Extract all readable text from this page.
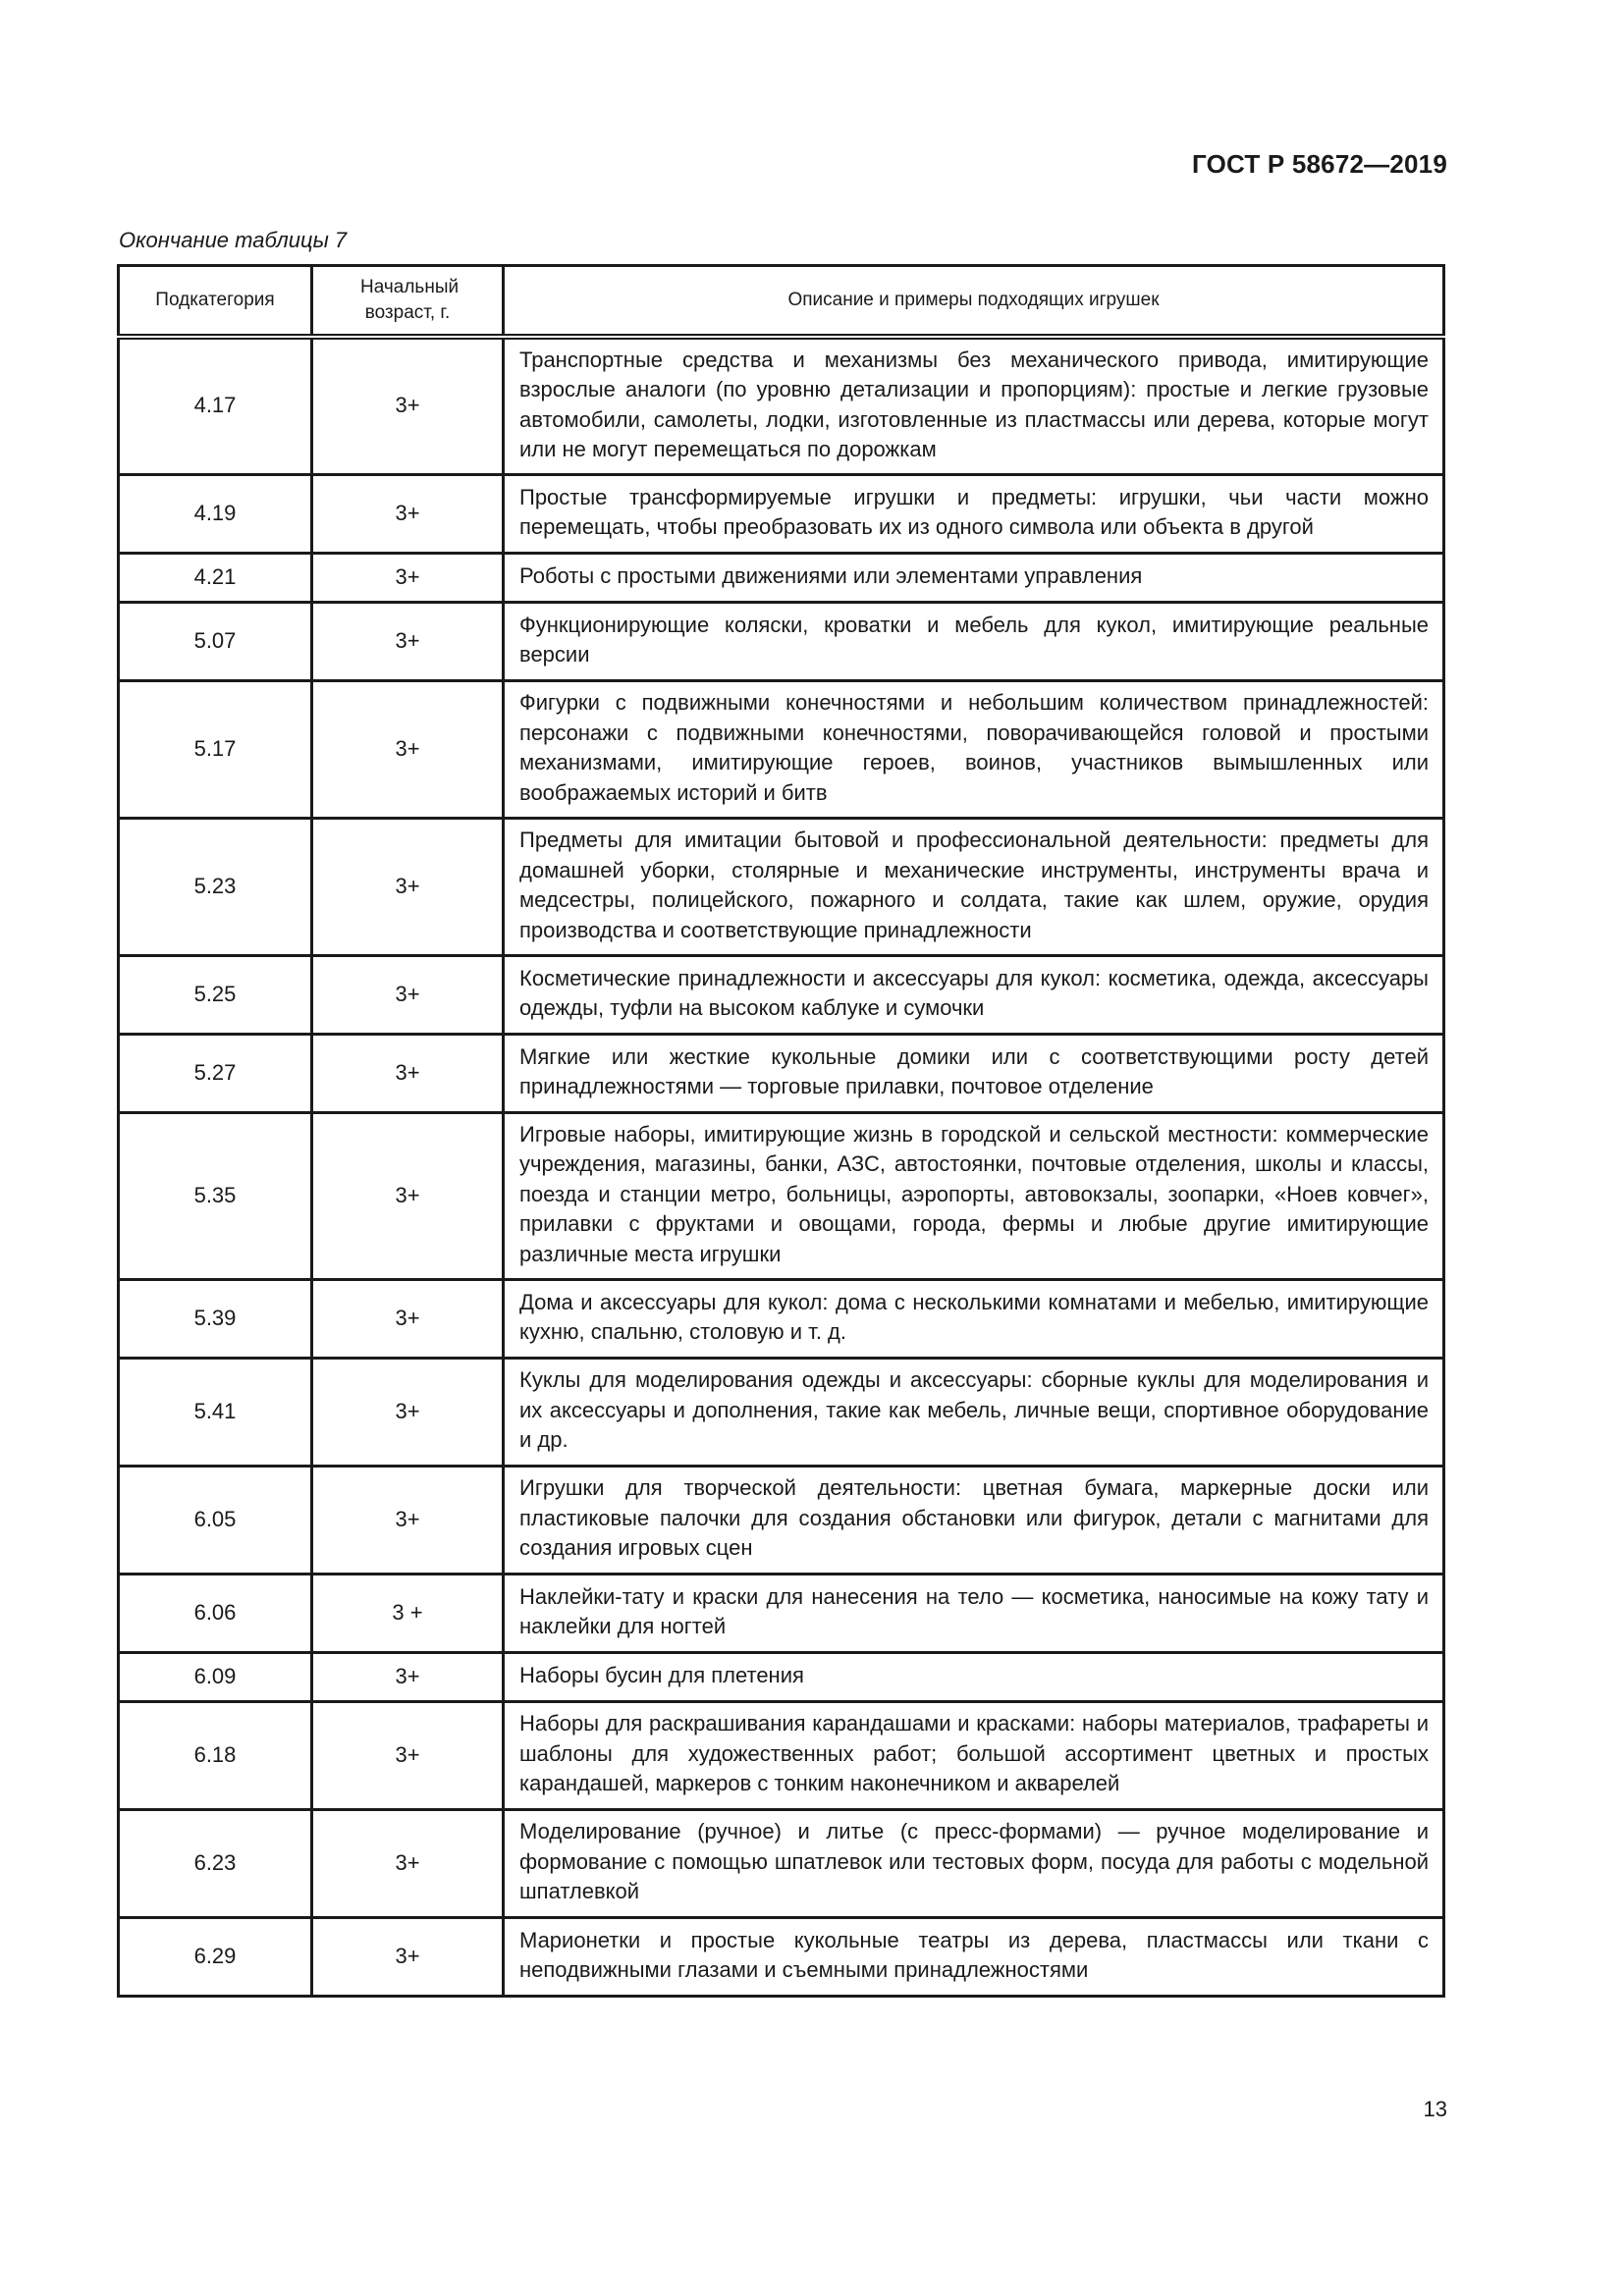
ГОСТ Р 58672—2019
Окончание таблицы 7
Подкатегория	Начальный возраст, г.	Описание и примеры подходящих игрушек
4.17	3+	Транспортные средства и механизмы без механического привода, имитирующие взрослые аналоги (по уровню детализации и пропорциям): простые и легкие грузовые автомобили, самолеты, лодки, изготовленные из пластмассы или дерева, которые могут или не могут перемещаться по дорожкам
4.19	3+	Простые трансформируемые игрушки и предметы: игрушки, чьи части можно перемещать, чтобы преобразовать их из одного символа или объекта в другой
4.21	3+	Роботы с простыми движениями или элементами управления
5.07	3+	Функционирующие коляски, кроватки и мебель для кукол, имитирующие реальные версии
5.17	3+	Фигурки с подвижными конечностями и небольшим количеством принадлежностей: персонажи с подвижными конечностями, поворачивающейся головой и простыми механизмами, имитирующие героев, воинов, участников вымышленных или воображаемых историй и битв
5.23	3+	Предметы для имитации бытовой и профессиональной деятельности: предметы для домашней уборки, столярные и механические инструменты, инструменты врача и медсестры, полицейского, пожарного и солдата, такие как шлем, оружие, орудия производства и соответствующие принадлежности
5.25	3+	Косметические принадлежности и аксессуары для кукол: косметика, одежда, аксессуары одежды, туфли на высоком каблуке и сумочки
5.27	3+	Мягкие или жесткие кукольные домики или с соответствующими росту детей принадлежностями — торговые прилавки, почтовое отделение
5.35	3+	Игровые наборы, имитирующие жизнь в городской и сельской местности: коммерческие учреждения, магазины, банки, АЗС, автостоянки, почтовые отделения, школы и классы, поезда и станции метро, больницы, аэропорты, автовокзалы, зоопарки, «Ноев ковчег», прилавки с фруктами и овощами, города, фермы и любые другие имитирующие различные места игрушки
5.39	3+	Дома и аксессуары для кукол: дома с несколькими комнатами и мебелью, имитирующие кухню, спальню, столовую и т. д.
5.41	3+	Куклы для моделирования одежды и аксессуары: сборные куклы для моделирования и их аксессуары и дополнения, такие как мебель, личные вещи, спортивное оборудование и др.
6.05	3+	Игрушки для творческой деятельности: цветная бумага, маркерные доски или пластиковые палочки для создания обстановки или фигурок, детали с магнитами для создания игровых сцен
6.06	3 +	Наклейки-тату и краски для нанесения на тело — косметика, наносимые на кожу тату и наклейки для ногтей
6.09	3+	Наборы бусин для плетения
6.18	3+	Наборы для раскрашивания карандашами и красками: наборы материалов, трафареты и шаблоны для художественных работ; большой ассортимент цветных и простых карандашей, маркеров с тонким наконечником и акварелей
6.23	3+	Моделирование (ручное) и литье (с пресс-формами) — ручное моделирование и формование с помощью шпатлевок или тестовых форм, посуда для работы с модельной шпатлевкой
6.29	3+	Марионетки и простые кукольные театры из дерева, пластмассы или ткани с неподвижными глазами и съемными принадлежностями
13
